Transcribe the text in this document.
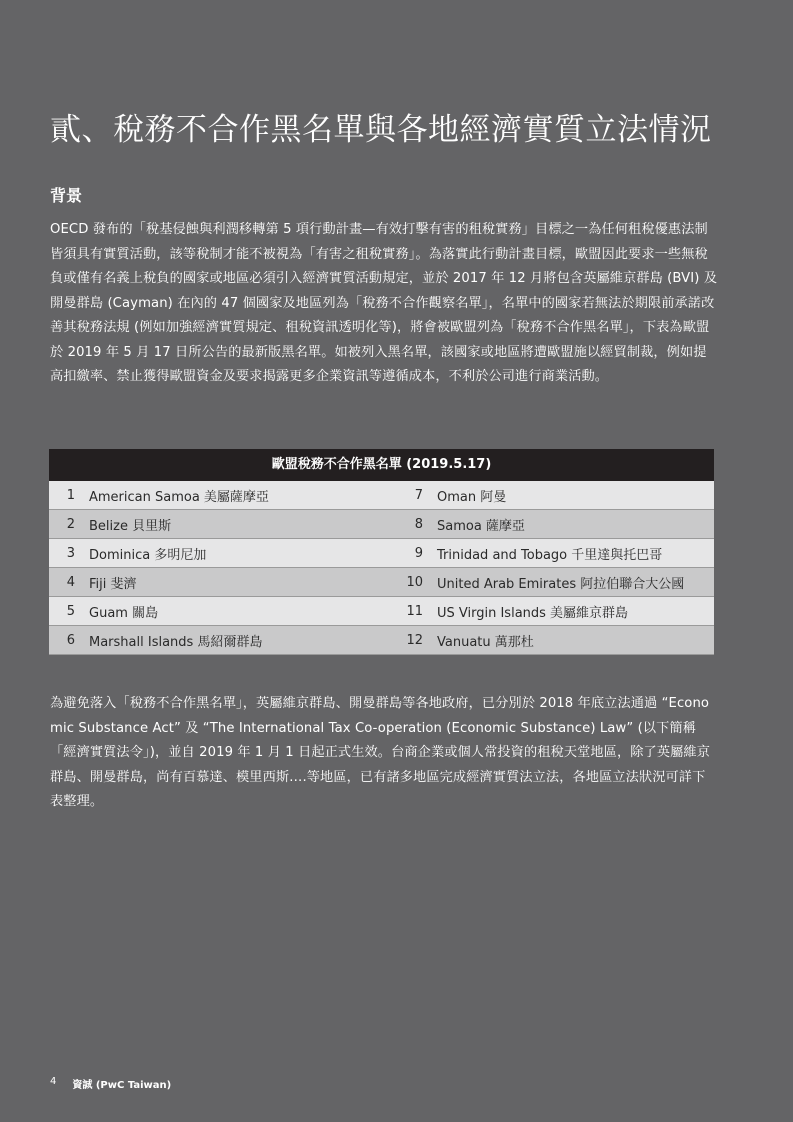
貳、稅務不合作黑名單與各地經濟實質立法情況
背景

OECD 發布的「稅基侵蝕與利潤移轉第 5 項行動計畫—有效打擊有害的租稅實務」目標之一為任何租稅優惠法制皆須具有實質活動，該等稅制才能不被視為「有害之租稅實務」。為落實此行動計畫目標，歐盟因此要求一些無稅負或僅有名義上稅負的國家或地區必須引入經濟實質活動規定，並於 2017 年 12 月將包含英屬維京群島 (BVI) 及開曼群島 (Cayman) 在內的 47 個國家及地區列為「稅務不合作觀察名單」，名單中的國家若無法於期限前承諾改善其稅務法規 (例如加強經濟實質規定、租稅資訊透明化等)，將會被歐盟列為「稅務不合作黑名單」，下表為歐盟於 2019 年 5 月 17 日所公告的最新版黑名單。如被列入黑名單，該國家或地區將遭歐盟施以經貿制裁，例如提高扣繳率、禁止獲得歐盟資金及要求揭露更多企業資訊等遵循成本，不利於公司進行商業活動。

歐盟稅務不合作黑名單 (2019.5.17)
1	American Samoa 美屬薩摩亞	7	Oman 阿曼
2	Belize 貝里斯	8	Samoa 薩摩亞
3	Dominica 多明尼加	9	Trinidad and Tobago 千里達與托巴哥
4	Fiji 斐濟	10	United Arab Emirates 阿拉伯聯合大公國
5	Guam 關島	11	US Virgin Islands 美屬維京群島
6	Marshall Islands 馬紹爾群島	12	Vanuatu 萬那杜

為避免落入「稅務不合作黑名單」，英屬維京群島、開曼群島等各地政府，已分別於 2018 年底立法通過 “Economic Substance Act” 及 “The International Tax Co-operation (Economic Substance) Law” (以下簡稱「經濟實質法令」)，並自 2019 年 1 月 1 日起正式生效。台商企業或個人常投資的租稅天堂地區，除了英屬維京群島、開曼群島，尚有百慕達、模里西斯….等地區，已有諸多地區完成經濟實質法立法，各地區立法狀況可詳下表整理。

4 資誠 (PwC Taiwan)
